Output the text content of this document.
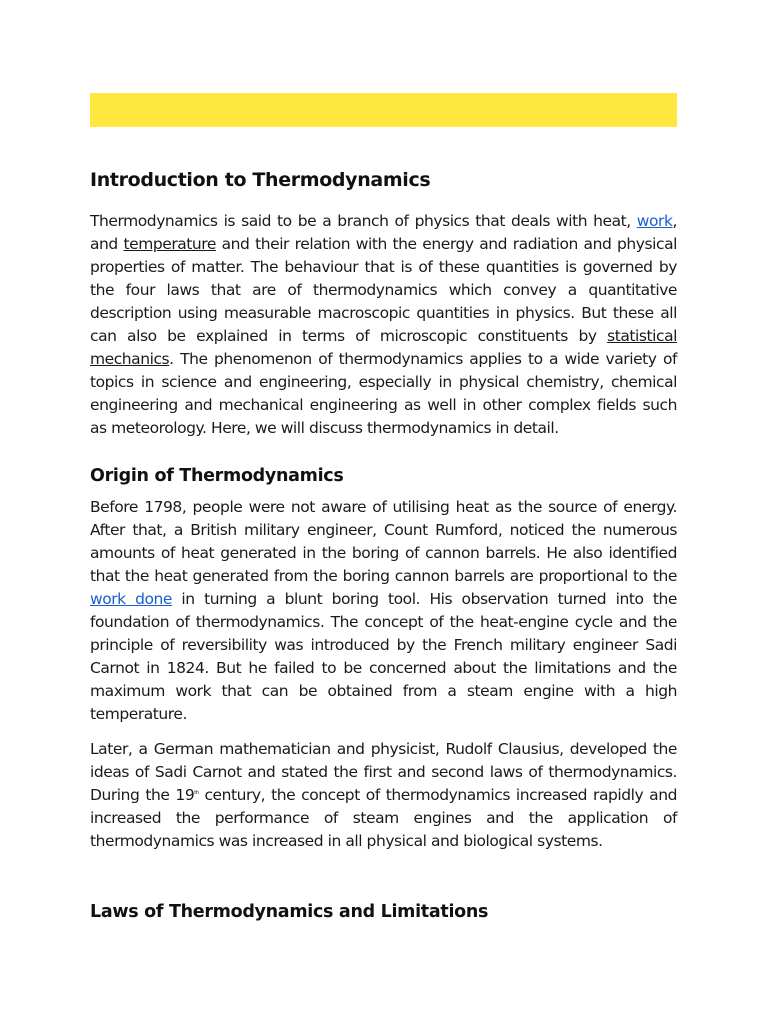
Introduction to Thermodynamics

Thermodynamics is said to be a branch of physics that deals with heat, work, and temperature and their relation with the energy and radiation and physical properties of matter. The behaviour that is of these quantities is governed by the four laws that are of thermodynamics which convey a quantitative description using measurable macroscopic quantities in physics. But these all can also be explained in terms of microscopic constituents by statistical mechanics. The phenomenon of thermodynamics applies to a wide variety of topics in science and engineering, especially in physical chemistry, chemical engineering and mechanical engineering as well in other complex fields such as meteorology. Here, we will discuss thermodynamics in detail.

Origin of Thermodynamics

Before 1798, people were not aware of utilising heat as the source of energy. After that, a British military engineer, Count Rumford, noticed the numerous amounts of heat generated in the boring of cannon barrels. He also identified that the heat generated from the boring cannon barrels are proportional to the work done in turning a blunt boring tool. His observation turned into the foundation of thermodynamics. The concept of the heat-engine cycle and the principle of reversibility was introduced by the French military engineer Sadi Carnot in 1824. But he failed to be concerned about the limitations and the maximum work that can be obtained from a steam engine with a high temperature.

Later, a German mathematician and physicist, Rudolf Clausius, developed the ideas of Sadi Carnot and stated the first and second laws of thermodynamics. During the 19th century, the concept of thermodynamics increased rapidly and increased the performance of steam engines and the application of thermodynamics was increased in all physical and biological systems.

Laws of Thermodynamics and Limitations
